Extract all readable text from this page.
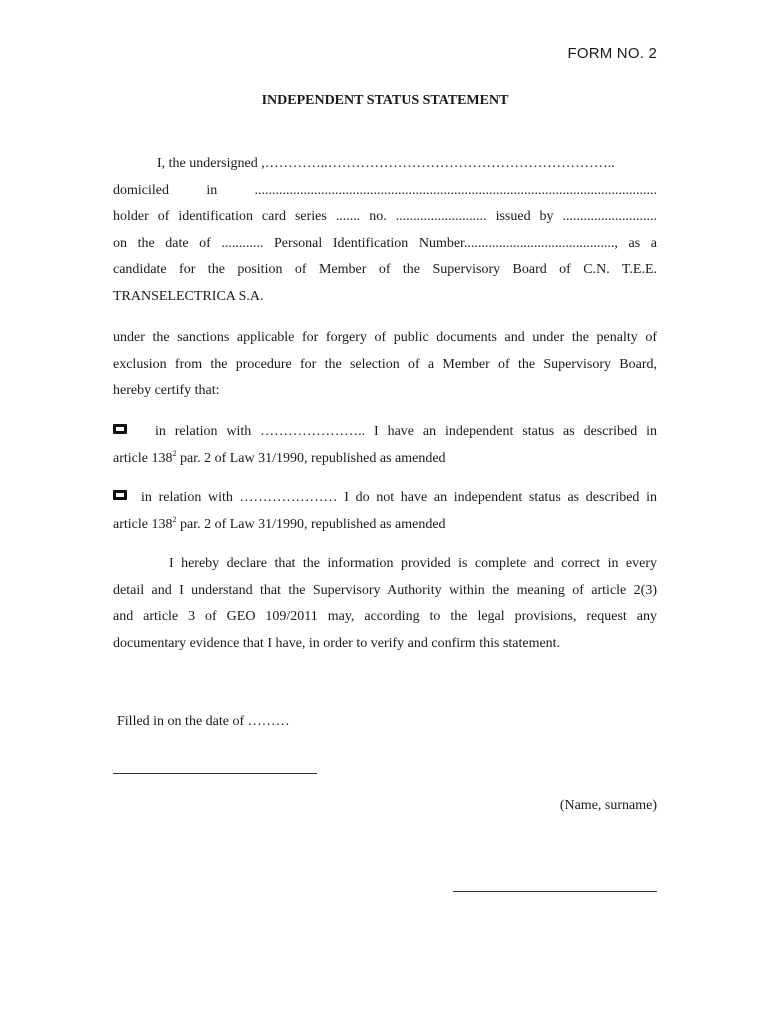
FORM NO. 2
INDEPENDENT STATUS STATEMENT
I, the undersigned ,…………..……………………………………………………..
domiciled	in	...................................................................................................................
holder of identification card series ....... no. .......................... issued by ...........................
on the date of ............ Personal Identification Number..........................................., as a
candidate for the position of Member of the Supervisory Board of C.N. T.E.E.
TRANSELECTRICA S.A.
under the sanctions applicable for forgery of public documents and under the penalty of
exclusion from the procedure for the selection of a Member of the Supervisory Board,
hereby certify that:
in relation with ………………….. I have an independent status as described in
article $138^2$ par. 2 of Law 31/1990, republished as amended
in relation with ………………… I do not have an independent status as described in
article $138^2$ par. 2 of Law 31/1990, republished as amended
I hereby declare that the information provided is complete and correct in every
detail and I understand that the Supervisory Authority within the meaning of article 2(3)
and article 3 of GEO 109/2011 may, according to the legal provisions, request any
documentary evidence that I have, in order to verify and confirm this statement.
Filled in on the date of ………
(Name, surname)
